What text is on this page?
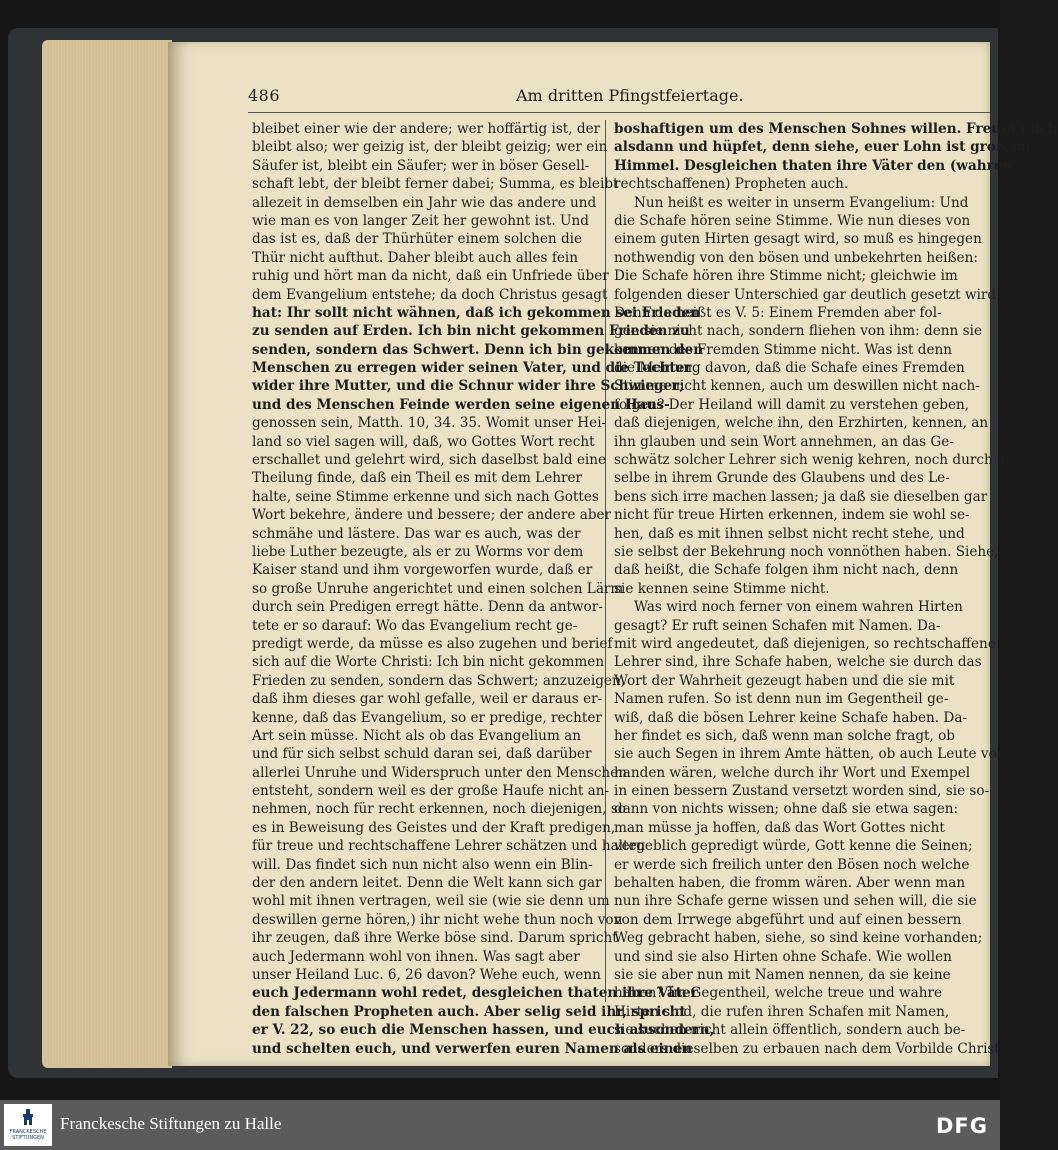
486	Am dritten Pfingstfeiertage.
bleibet einer wie der andere; wer hoffärtig ist, der
bleibt also; wer geizig ist, der bleibt geizig; wer ein
Säufer ist, bleibt ein Säufer; wer in böser Gesell-
schaft lebt, der bleibt ferner dabei; Summa, es bleibt
allezeit in demselben ein Jahr wie das andere und
wie man es von langer Zeit her gewohnt ist. Und
das ist es, daß der Thürhüter einem solchen die
Thür nicht aufthut. Daher bleibt auch alles fein
ruhig und hört man da nicht, daß ein Unfriede über
dem Evangelium entstehe; da doch Christus gesagt
hat: Ihr sollt nicht wähnen, daß ich gekommen sei Frieden
zu senden auf Erden. Ich bin nicht gekommen Frieden zu
senden, sondern das Schwert. Denn ich bin gekommen den
Menschen zu erregen wider seinen Vater, und die Tochter
wider ihre Mutter, und die Schnur wider ihre Schwieger;
und des Menschen Feinde werden seine eigenen Haus-
genossen sein, Matth. 10, 34. 35. Womit unser Hei-
land so viel sagen will, daß, wo Gottes Wort recht
erschallet und gelehrt wird, sich daselbst bald eine
Theilung finde, daß ein Theil es mit dem Lehrer
halte, seine Stimme erkenne und sich nach Gottes
Wort bekehre, ändere und bessere; der andere aber
schmähe und lästere. Das war es auch, was der
liebe Luther bezeugte, als er zu Worms vor dem
Kaiser stand und ihm vorgeworfen wurde, daß er
so große Unruhe angerichtet und einen solchen Lärm
durch sein Predigen erregt hätte. Denn da antwor-
tete er so darauf: Wo das Evangelium recht ge-
predigt werde, da müsse es also zugehen und berief
sich auf die Worte Christi: Ich bin nicht gekommen
Frieden zu senden, sondern das Schwert; anzuzeigen,
daß ihm dieses gar wohl gefalle, weil er daraus er-
kenne, daß das Evangelium, so er predige, rechter
Art sein müsse. Nicht als ob das Evangelium an
und für sich selbst schuld daran sei, daß darüber
allerlei Unruhe und Widerspruch unter den Menschen
entsteht, sondern weil es der große Haufe nicht an-
nehmen, noch für recht erkennen, noch diejenigen, so
es in Beweisung des Geistes und der Kraft predigen,
für treue und rechtschaffene Lehrer schätzen und halten
will. Das findet sich nun nicht also wenn ein Blin-
der den andern leitet. Denn die Welt kann sich gar
wohl mit ihnen vertragen, weil sie (wie sie denn um
deswillen gerne hören,) ihr nicht wehe thun noch von
ihr zeugen, daß ihre Werke böse sind. Darum spricht
auch Jedermann wohl von ihnen. Was sagt aber
unser Heiland Luc. 6, 26 davon? Wehe euch, wenn
euch Jedermann wohl redet, desgleichen thaten ihre Väter
den falschen Propheten auch. Aber selig seid ihr, spricht
er V. 22, so euch die Menschen hassen, und euch absondern,
und schelten euch, und verwerfen euren Namen als einen
boshaftigen um des Menschen Sohnes willen. Freuet euch
alsdann und hüpfet, denn siehe, euer Lohn ist groß im
Himmel. Desgleichen thaten ihre Väter den (wahren,
rechtschaffenen) Propheten auch.
Nun heißt es weiter in unserm Evangelium: Und
die Schafe hören seine Stimme. Wie nun dieses von
einem guten Hirten gesagt wird, so muß es hingegen
nothwendig von den bösen und unbekehrten heißen:
Die Schafe hören ihre Stimme nicht; gleichwie im
folgenden dieser Unterschied gar deutlich gesetzt wird.
Denn da heißt es V. 5: Einem Fremden aber fol-
gen sie nicht nach, sondern fliehen von ihm: denn sie
kennen des Fremden Stimme nicht. Was ist denn
die Meinung davon, daß die Schafe eines Fremden
Stimme nicht kennen, auch um deswillen nicht nach-
folgen? Der Heiland will damit zu verstehen geben,
daß diejenigen, welche ihn, den Erzhirten, kennen, an
ihn glauben und sein Wort annehmen, an das Ge-
schwätz solcher Lehrer sich wenig kehren, noch durch das-
selbe in ihrem Grunde des Glaubens und des Le-
bens sich irre machen lassen; ja daß sie dieselben gar
nicht für treue Hirten erkennen, indem sie wohl se-
hen, daß es mit ihnen selbst nicht recht stehe, und
sie selbst der Bekehrung noch vonnöthen haben. Siehe,
daß heißt, die Schafe folgen ihm nicht nach, denn
sie kennen seine Stimme nicht.
Was wird noch ferner von einem wahren Hirten
gesagt? Er ruft seinen Schafen mit Namen. Da-
mit wird angedeutet, daß diejenigen, so rechtschaffene
Lehrer sind, ihre Schafe haben, welche sie durch das
Wort der Wahrheit gezeugt haben und die sie mit
Namen rufen. So ist denn nun im Gegentheil ge-
wiß, daß die bösen Lehrer keine Schafe haben. Da-
her findet es sich, daß wenn man solche fragt, ob
sie auch Segen in ihrem Amte hätten, ob auch Leute vor-
handen wären, welche durch ihr Wort und Exempel
in einen bessern Zustand versetzt worden sind, sie so-
dann von nichts wissen; ohne daß sie etwa sagen:
man müsse ja hoffen, daß das Wort Gottes nicht
vergeblich gepredigt würde, Gott kenne die Seinen;
er werde sich freilich unter den Bösen noch welche
behalten haben, die fromm wären. Aber wenn man
nun ihre Schafe gerne wissen und sehen will, die sie
von dem Irrwege abgeführt und auf einen bessern
Weg gebracht haben, siehe, so sind keine vorhanden;
und sind sie also Hirten ohne Schafe. Wie wollen
sie sie aber nun mit Namen nennen, da sie keine
haben? Im Gegentheil, welche treue und wahre
Hirten sind, die rufen ihren Schafen mit Namen,
sie suchen nicht allein öffentlich, sondern auch be-
sonders dieselben zu erbauen nach dem Vorbilde Christi
FRANCKESCHE
STIFTUNGEN
Franckesche Stiftungen zu Halle	DFG
